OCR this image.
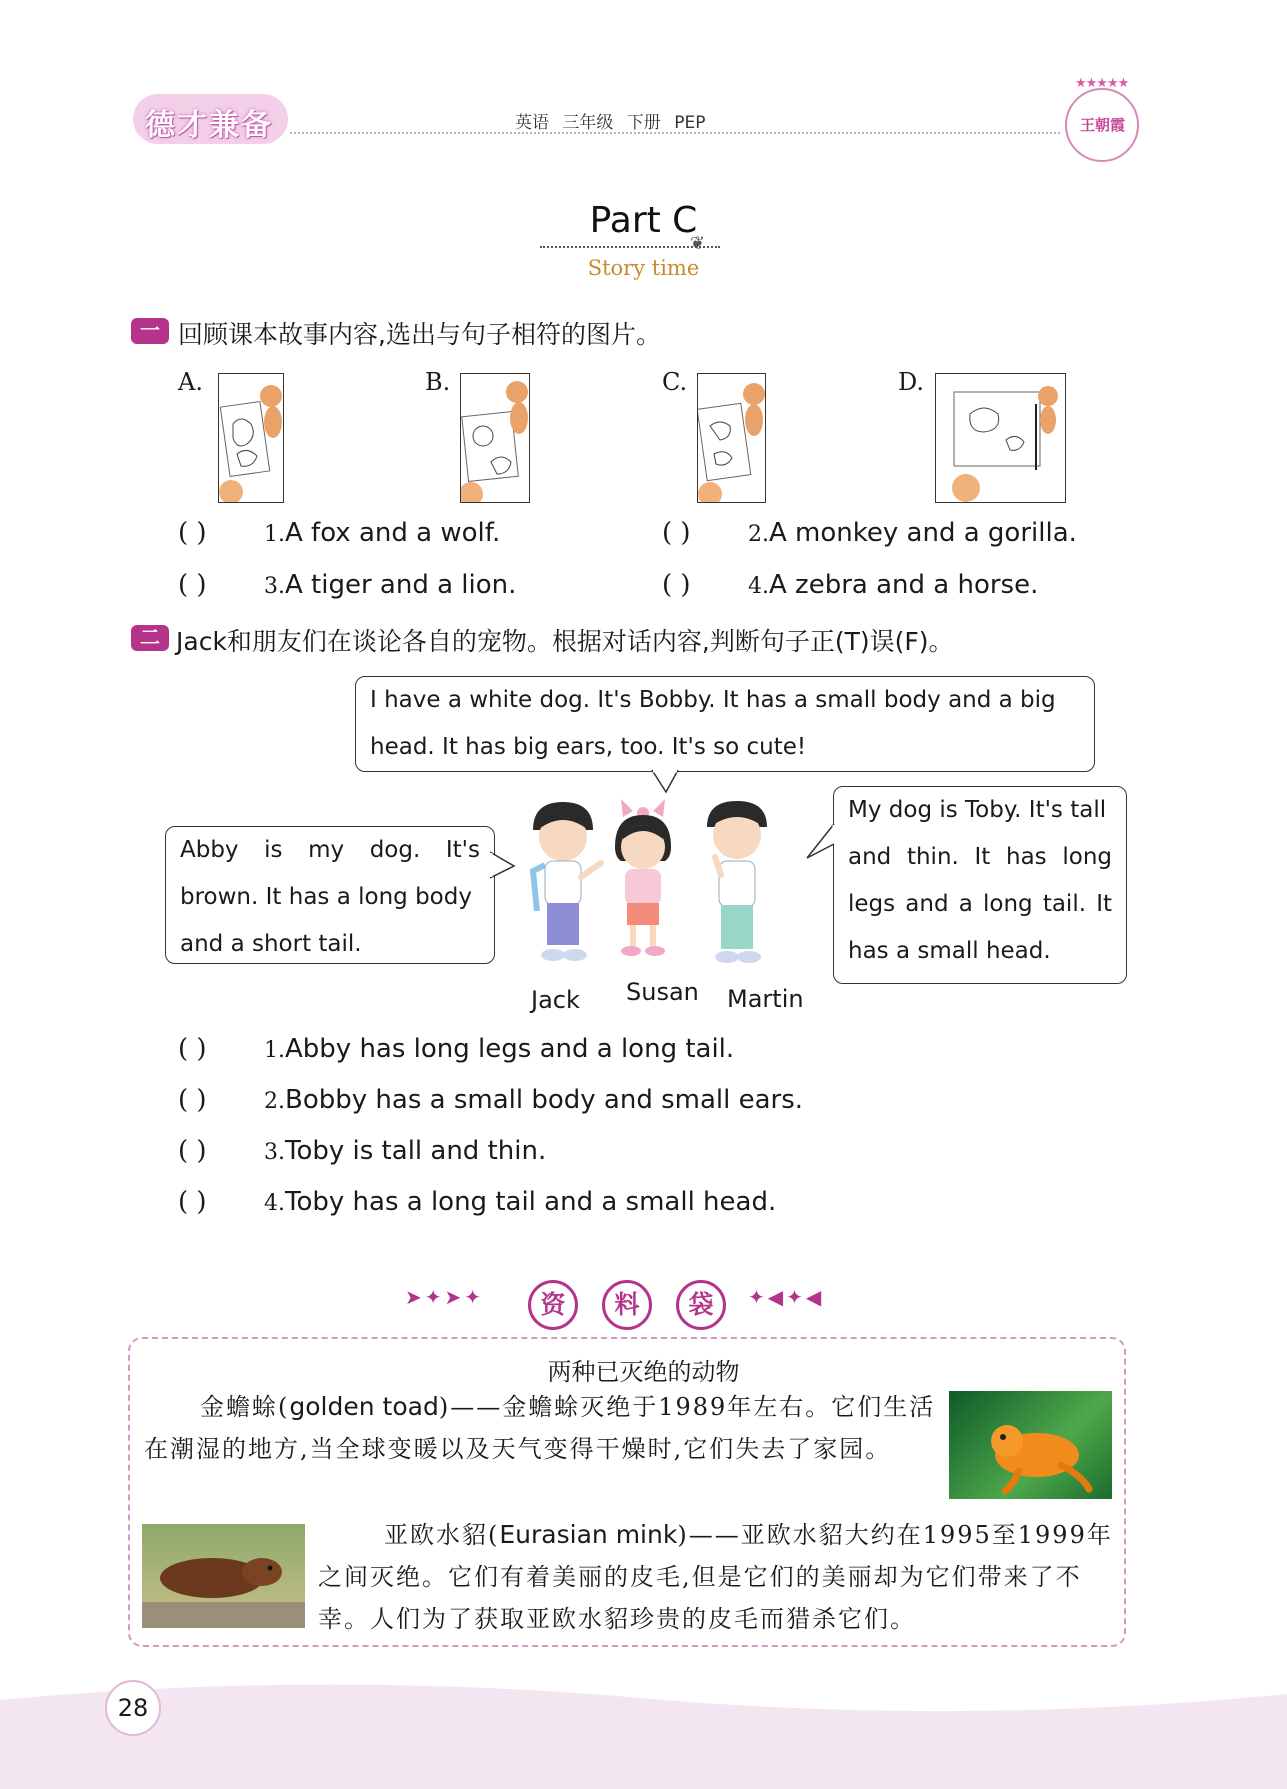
德才兼备	英语 三年级 下册 PEP
★★★★★
王朝霞
Part C
❦
Story time
一 回顾课本故事内容,选出与句子相符的图片。
A.	B.	C.	D.
( )	1.A fox and a wolf.	( )	2.A monkey and a gorilla.
( )	3.A tiger and a lion.	( )	4.A zebra and a horse.
二 Jack和朋友们在谈论各自的宠物。根据对话内容,判断句子正(T)误(F)。

I have a white dog. It's Bobby. It has a small body and a big

head. It has big ears, too. It's so cute!

Abby is my dog. It's

brown. It has a long body

and a short tail.

My dog is Toby. It's tall

and thin. It has long

legs and a long tail. It

has a small head.

Jack Susan Martin
( )	1.Abby has long legs and a long tail.
( )	2.Bobby has a small body and small ears.
( )	3.Toby is tall and thin.
( )	4.Toby has a long tail and a small head.
➤✦➤✦	✦◀✦◀
资	料	袋
两种已灭绝的动物
金蟾蜍(golden toad)——金蟾蜍灭绝于1989年左右。它们生活在潮湿的地方,当全球变暖以及天气变得干燥时,它们失去了家园。
亚欧水貂(Eurasian mink)——亚欧水貂大约在1995至1999年之间灭绝。它们有着美丽的皮毛,但是它们的美丽却为它们带来了不幸。人们为了获取亚欧水貂珍贵的皮毛而猎杀它们。
28
